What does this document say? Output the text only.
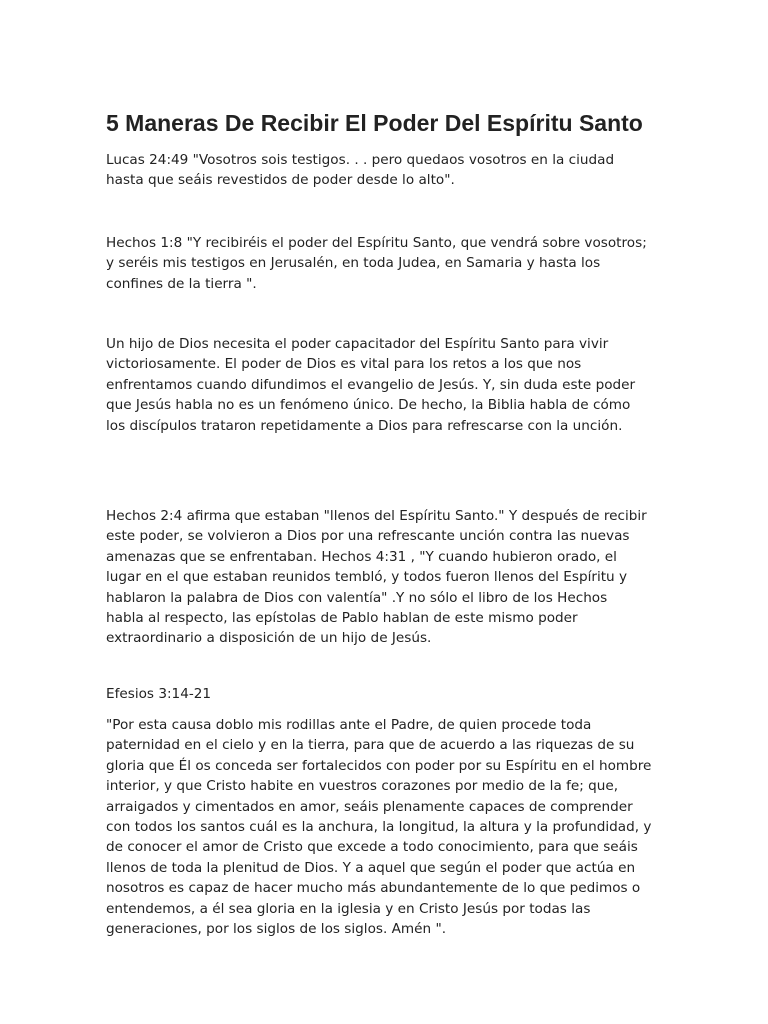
5 Maneras De Recibir El Poder Del Espíritu Santo

Lucas 24:49 "Vosotros sois testigos. . . pero quedaos vosotros en la ciudad
hasta que seáis revestidos de poder desde lo alto".

Hechos 1:8 "Y recibiréis el poder del Espíritu Santo, que vendrá sobre vosotros;
y seréis mis testigos en Jerusalén, en toda Judea, en Samaria y hasta los
confines de la tierra ".

Un hijo de Dios necesita el poder capacitador del Espíritu Santo para vivir
victoriosamente. El poder de Dios es vital para los retos a los que nos
enfrentamos cuando difundimos el evangelio de Jesús. Y, sin duda este poder
que Jesús habla no es un fenómeno único. De hecho, la Biblia habla de cómo
los discípulos trataron repetidamente a Dios para refrescarse con la unción.

Hechos 2:4 afirma que estaban "llenos del Espíritu Santo." Y después de recibir
este poder, se volvieron a Dios por una refrescante unción contra las nuevas
amenazas que se enfrentaban. Hechos 4:31 , "Y cuando hubieron orado, el
lugar en el que estaban reunidos tembló, y todos fueron llenos del Espíritu y
hablaron la palabra de Dios con valentía" .Y no sólo el libro de los Hechos
habla al respecto, las epístolas de Pablo hablan de este mismo poder
extraordinario a disposición de un hijo de Jesús.

Efesios 3:14-21

"Por esta causa doblo mis rodillas ante el Padre, de quien procede toda
paternidad en el cielo y en la tierra, para que de acuerdo a las riquezas de su
gloria que Él os conceda ser fortalecidos con poder por su Espíritu en el hombre
interior, y que Cristo habite en vuestros corazones por medio de la fe; que,
arraigados y cimentados en amor, seáis plenamente capaces de comprender
con todos los santos cuál es la anchura, la longitud, la altura y la profundidad, y
de conocer el amor de Cristo que excede a todo conocimiento, para que seáis
llenos de toda la plenitud de Dios. Y a aquel que según el poder que actúa en
nosotros es capaz de hacer mucho más abundantemente de lo que pedimos o
entendemos, a él sea gloria en la iglesia y en Cristo Jesús por todas las
generaciones, por los siglos de los siglos. Amén ".
